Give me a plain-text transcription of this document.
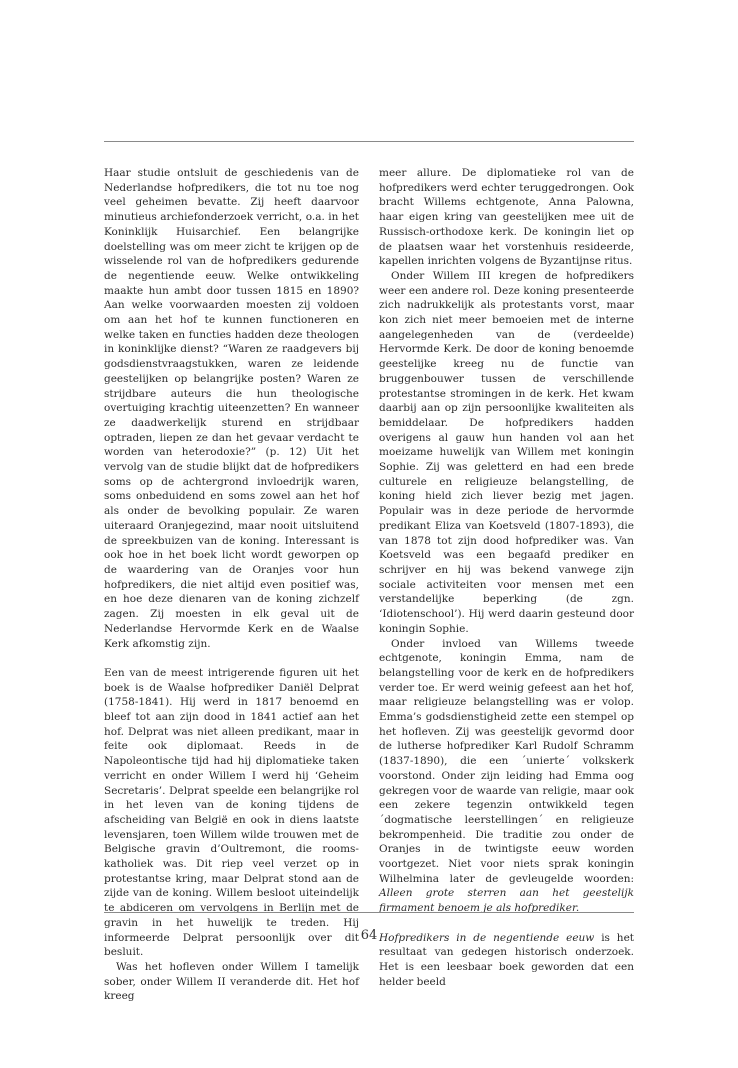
Haar studie ontsluit de geschiedenis van de Nederlandse hofpredikers, die tot nu toe nog veel geheimen bevatte. Zij heeft daarvoor minutieus archiefonderzoek verricht, o.a. in het Koninklijk Huisarchief. Een belangrijke doelstelling was om meer zicht te krijgen op de wisselende rol van de hofpredikers gedurende de negentiende eeuw. Welke ontwikkeling maakte hun ambt door tussen 1815 en 1890? Aan welke voorwaarden moesten zij voldoen om aan het hof te kunnen functioneren en welke taken en functies hadden deze theologen in koninklijke dienst? “Waren ze raadgevers bij godsdienstvraagstukken, waren ze leidende geestelijken op belangrijke posten? Waren ze strijdbare auteurs die hun theologische overtuiging krachtig uiteenzetten? En wanneer ze daadwerkelijk sturend en strijdbaar optraden, liepen ze dan het gevaar verdacht te worden van heterodoxie?” (p. 12) Uit het vervolg van de studie blijkt dat de hofpredikers soms op de achtergrond invloedrijk waren, soms onbeduidend en soms zowel aan het hof als onder de bevolking populair. Ze waren uiteraard Oranjegezind, maar nooit uitsluitend de spreekbuizen van de koning. Interessant is ook hoe in het boek licht wordt geworpen op de waardering van de Oranjes voor hun hofpredikers, die niet altijd even positief was, en hoe deze dienaren van de koning zichzelf zagen. Zij moesten in elk geval uit de Nederlandse Hervormde Kerk en de Waalse Kerk afkomstig zijn.

Een van de meest intrigerende figuren uit het boek is de Waalse hofprediker Daniël Delprat (1758-1841). Hij werd in 1817 benoemd en bleef tot aan zijn dood in 1841 actief aan het hof. Delprat was niet alleen predikant, maar in feite ook diplomaat. Reeds in de Napoleontische tijd had hij diplomatieke taken verricht en onder Willem I werd hij ‘Geheim Secretaris’. Delprat speelde een belangrijke rol in het leven van de koning tijdens de afscheiding van België en ook in diens laatste levensjaren, toen Willem wilde trouwen met de Belgische gravin d’Oultremont, die rooms-katholiek was. Dit riep veel verzet op in protestantse kring, maar Delprat stond aan de zijde van de koning. Willem besloot uiteindelijk te abdiceren om vervolgens in Berlijn met de gravin in het huwelijk te treden. Hij informeerde Delprat persoonlijk over dit besluit.

Was het hofleven onder Willem I tamelijk sober, onder Willem II veranderde dit. Het hof kreeg

meer allure. De diplomatieke rol van de hofpredikers werd echter teruggedrongen. Ook bracht Willems echtgenote, Anna Palowna, haar eigen kring van geestelijken mee uit de Russisch-orthodoxe kerk. De koningin liet op de plaatsen waar het vorstenhuis resideerde, kapellen inrichten volgens de Byzantijnse ritus.

Onder Willem III kregen de hofpredikers weer een andere rol. Deze koning presenteerde zich nadrukkelijk als protestants vorst, maar kon zich niet meer bemoeien met de interne aangelegenheden van de (verdeelde) Hervormde Kerk. De door de koning benoemde geestelijke kreeg nu de functie van bruggenbouwer tussen de verschillende protestantse stromingen in de kerk. Het kwam daarbij aan op zijn persoonlijke kwaliteiten als bemiddelaar. De hofpredikers hadden overigens al gauw hun handen vol aan het moeizame huwelijk van Willem met koningin Sophie. Zij was geletterd en had een brede culturele en religieuze belangstelling, de koning hield zich liever bezig met jagen. Populair was in deze periode de hervormde predikant Eliza van Koetsveld (1807-1893), die van 1878 tot zijn dood hofprediker was. Van Koetsveld was een begaafd prediker en schrijver en hij was bekend vanwege zijn sociale activiteiten voor mensen met een verstandelijke beperking (de zgn. ‘Idiotenschool’). Hij werd daarin gesteund door koningin Sophie.

Onder invloed van Willems tweede echtgenote, koningin Emma, nam de belangstelling voor de kerk en de hofpredikers verder toe. Er werd weinig gefeest aan het hof, maar religieuze belangstelling was er volop. Emma’s godsdienstigheid zette een stempel op het hofleven. Zij was geestelijk gevormd door de lutherse hofprediker Karl Rudolf Schramm (1837-1890), die een ´unierte´ volkskerk voorstond. Onder zijn leiding had Emma oog gekregen voor de waarde van religie, maar ook een zekere tegenzin ontwikkeld tegen ´dogmatische leerstellingen´ en religieuze bekrompenheid. Die traditie zou onder de Oranjes in de twintigste eeuw worden voortgezet. Niet voor niets sprak koningin Wilhelmina later de gevleugelde woorden: Alleen grote sterren aan het geestelijk firmament benoem je als hofprediker.

Hofpredikers in de negentiende eeuw is het resultaat van gedegen historisch onderzoek. Het is een leesbaar boek geworden dat een helder beeld

64
